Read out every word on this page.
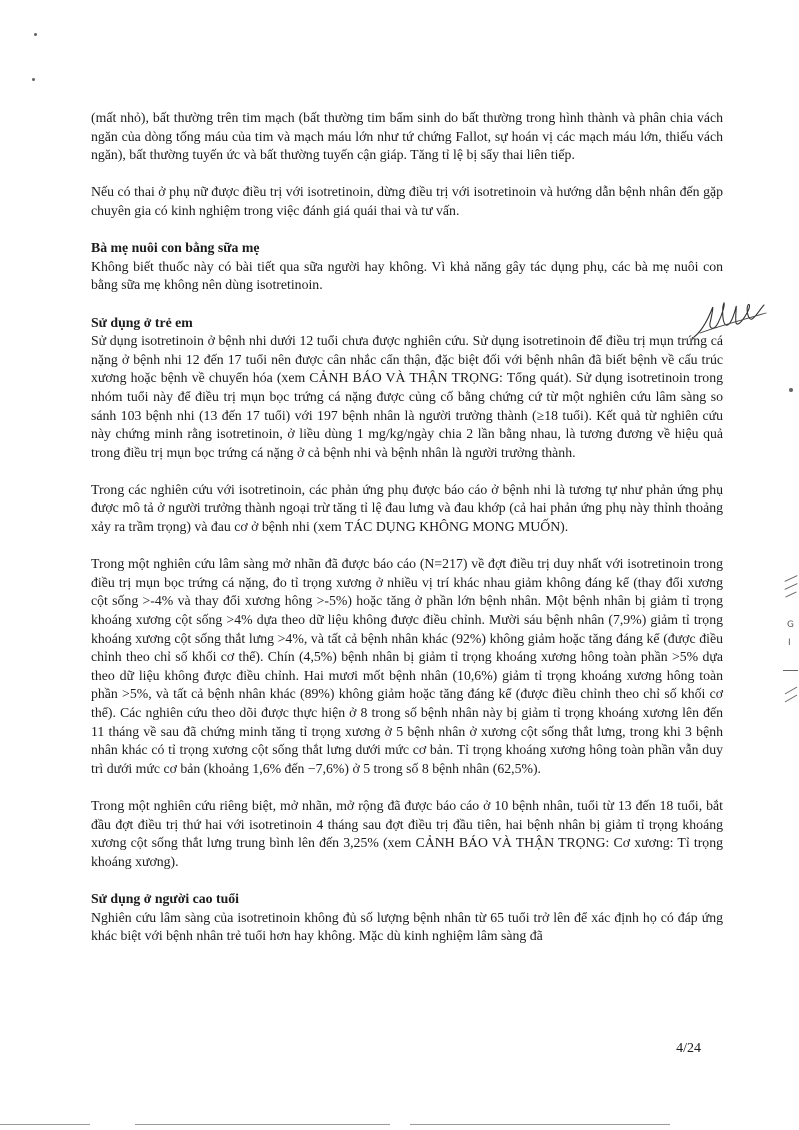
(mất nhỏ), bất thường trên tim mạch (bất thường tim bẩm sinh do bất thường trong hình thành và phân chia vách ngăn của dòng tống máu của tim và mạch máu lớn như tứ chứng Fallot, sự hoán vị các mạch máu lớn, thiếu vách ngăn), bất thường tuyến ức và bất thường tuyến cận giáp. Tăng tỉ lệ bị sẩy thai liên tiếp.

Nếu có thai ở phụ nữ được điều trị với isotretinoin, dừng điều trị với isotretinoin và hướng dẫn bệnh nhân đến gặp chuyên gia có kinh nghiệm trong việc đánh giá quái thai và tư vấn.

Bà mẹ nuôi con bằng sữa mẹ

Không biết thuốc này có bài tiết qua sữa người hay không. Vì khả năng gây tác dụng phụ, các bà mẹ nuôi con bằng sữa mẹ không nên dùng isotretinoin.

Sử dụng ở trẻ em

Sử dụng isotretinoin ở bệnh nhi dưới 12 tuổi chưa được nghiên cứu. Sử dụng isotretinoin để điều trị mụn trứng cá nặng ở bệnh nhi 12 đến 17 tuổi nên được cân nhắc cẩn thận, đặc biệt đối với bệnh nhân đã biết bệnh về cấu trúc xương hoặc bệnh về chuyển hóa (xem CẢNH BÁO VÀ THẬN TRỌNG: Tổng quát). Sử dụng isotretinoin trong nhóm tuổi này để điều trị mụn bọc trứng cá nặng được củng cố bằng chứng cứ từ một nghiên cứu lâm sàng so sánh 103 bệnh nhi (13 đến 17 tuổi) với 197 bệnh nhân là người trưởng thành (≥18 tuổi). Kết quả từ nghiên cứu này chứng minh rằng isotretinoin, ở liều dùng 1 mg/kg/ngày chia 2 lần bằng nhau, là tương đương về hiệu quả trong điều trị mụn bọc trứng cá nặng ở cả bệnh nhi và bệnh nhân là người trưởng thành.

Trong các nghiên cứu với isotretinoin, các phản ứng phụ được báo cáo ở bệnh nhi là tương tự như phản ứng phụ được mô tả ở người trưởng thành ngoại trừ tăng tỉ lệ đau lưng và đau khớp (cả hai phản ứng phụ này thỉnh thoảng xảy ra trầm trọng) và đau cơ ở bệnh nhi (xem TÁC DỤNG KHÔNG MONG MUỐN).

Trong một nghiên cứu lâm sàng mở nhãn đã được báo cáo (N=217) về đợt điều trị duy nhất với isotretinoin trong điều trị mụn bọc trứng cá nặng, đo tỉ trọng xương ở nhiều vị trí khác nhau giảm không đáng kể (thay đổi xương cột sống >-4% và thay đổi xương hông >-5%) hoặc tăng ở phần lớn bệnh nhân. Một bệnh nhân bị giảm tỉ trọng khoáng xương cột sống >4% dựa theo dữ liệu không được điều chỉnh. Mười sáu bệnh nhân (7,9%) giảm tỉ trọng khoáng xương cột sống thắt lưng >4%, và tất cả bệnh nhân khác (92%) không giảm hoặc tăng đáng kể (được điều chỉnh theo chỉ số khối cơ thể). Chín (4,5%) bệnh nhân bị giảm tỉ trọng khoáng xương hông toàn phần >5% dựa theo dữ liệu không được điều chỉnh. Hai mươi mốt bệnh nhân (10,6%) giảm tỉ trọng khoáng xương hông toàn phần >5%, và tất cả bệnh nhân khác (89%) không giảm hoặc tăng đáng kể (được điều chỉnh theo chỉ số khối cơ thể). Các nghiên cứu theo dõi được thực hiện ở 8 trong số bệnh nhân này bị giảm tỉ trọng khoáng xương lên đến 11 tháng về sau đã chứng minh tăng tỉ trọng xương ở 5 bệnh nhân ở xương cột sống thắt lưng, trong khi 3 bệnh nhân khác có tỉ trọng xương cột sống thắt lưng dưới mức cơ bản. Tỉ trọng khoáng xương hông toàn phần vẫn duy trì dưới mức cơ bản (khoảng 1,6% đến −7,6%) ở 5 trong số 8 bệnh nhân (62,5%).

Trong một nghiên cứu riêng biệt, mở nhãn, mở rộng đã được báo cáo ở 10 bệnh nhân, tuổi từ 13 đến 18 tuổi, bắt đầu đợt điều trị thứ hai với isotretinoin 4 tháng sau đợt điều trị đầu tiên, hai bệnh nhân bị giảm tỉ trọng khoáng xương cột sống thắt lưng trung bình lên đến 3,25% (xem CẢNH BÁO VÀ THẬN TRỌNG: Cơ xương: Tỉ trọng khoáng xương).

Sử dụng ở người cao tuổi

Nghiên cứu lâm sàng của isotretinoin không đủ số lượng bệnh nhân từ 65 tuổi trở lên để xác định họ có đáp ứng khác biệt với bệnh nhân trẻ tuổi hơn hay không. Mặc dù kinh nghiệm lâm sàng đã

G
I
4/24
